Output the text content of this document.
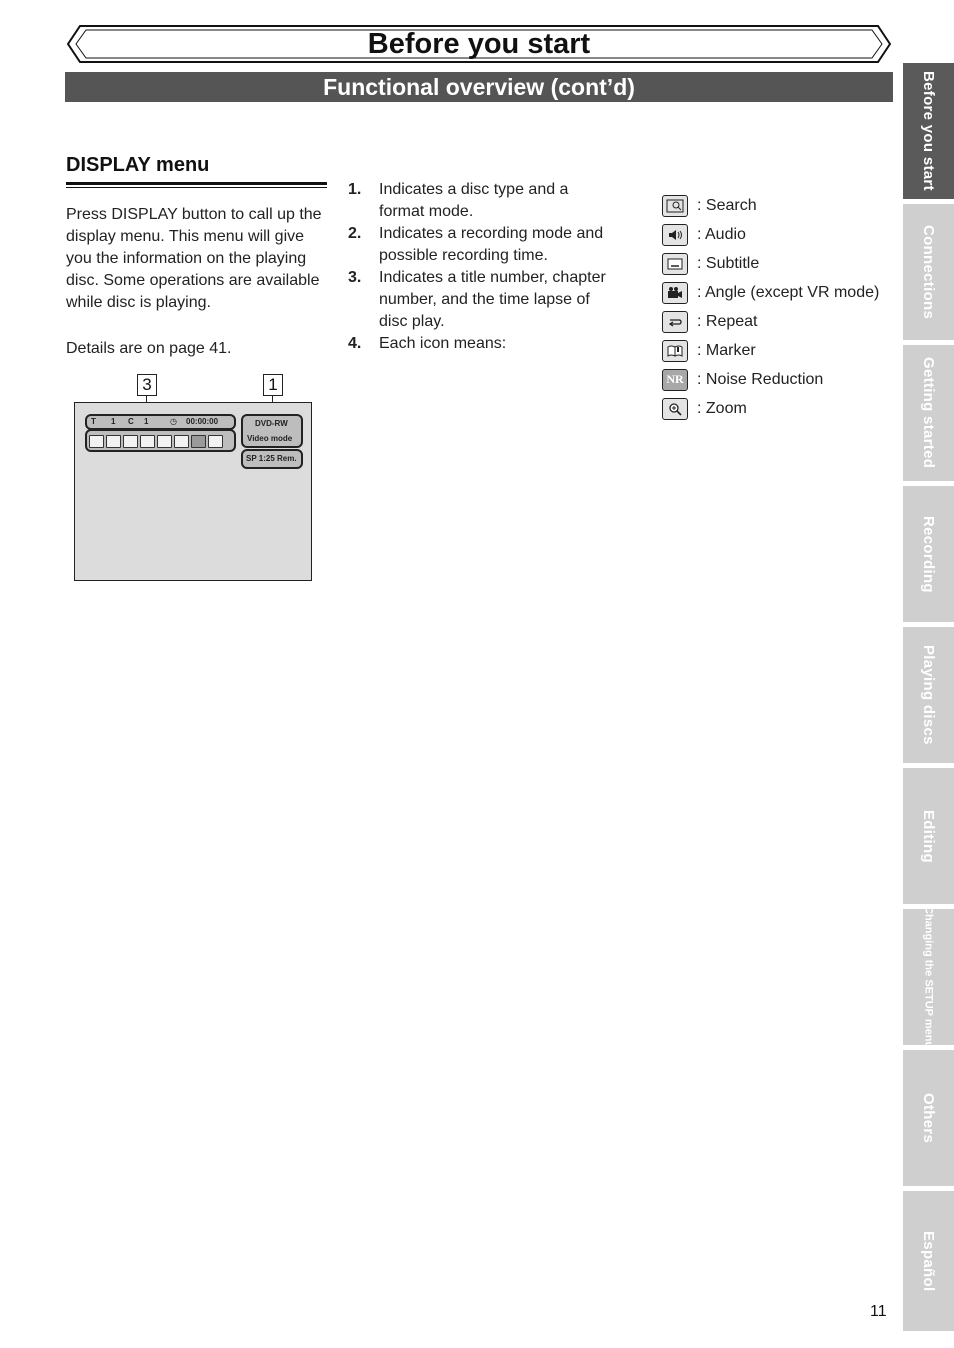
Before you start
Functional overview (cont’d)
DISPLAY menu

Press DISPLAY button to call up the display menu. This menu will give you the information on the playing disc. Some operations are available while disc is playing.

Details are on page 41.

3	1
T 1 C 1	◷ 00:00:00	DVD-RW
Video mode
SP 1:25 Rem.
1. Indicates a disc type and a format mode.
2. Indicates a recording mode and possible recording time.
3. Indicates a title number, chapter number, and the time lapse of disc play.
4. Each icon means:
: Search
: Audio
: Subtitle
: Angle (except VR mode)
: Repeat
: Marker
NR : Noise Reduction
: Zoom
Before you start
Connections
Getting started
Recording
Playing discs
Editing
Changing the SETUP menu
Others
Español
11
